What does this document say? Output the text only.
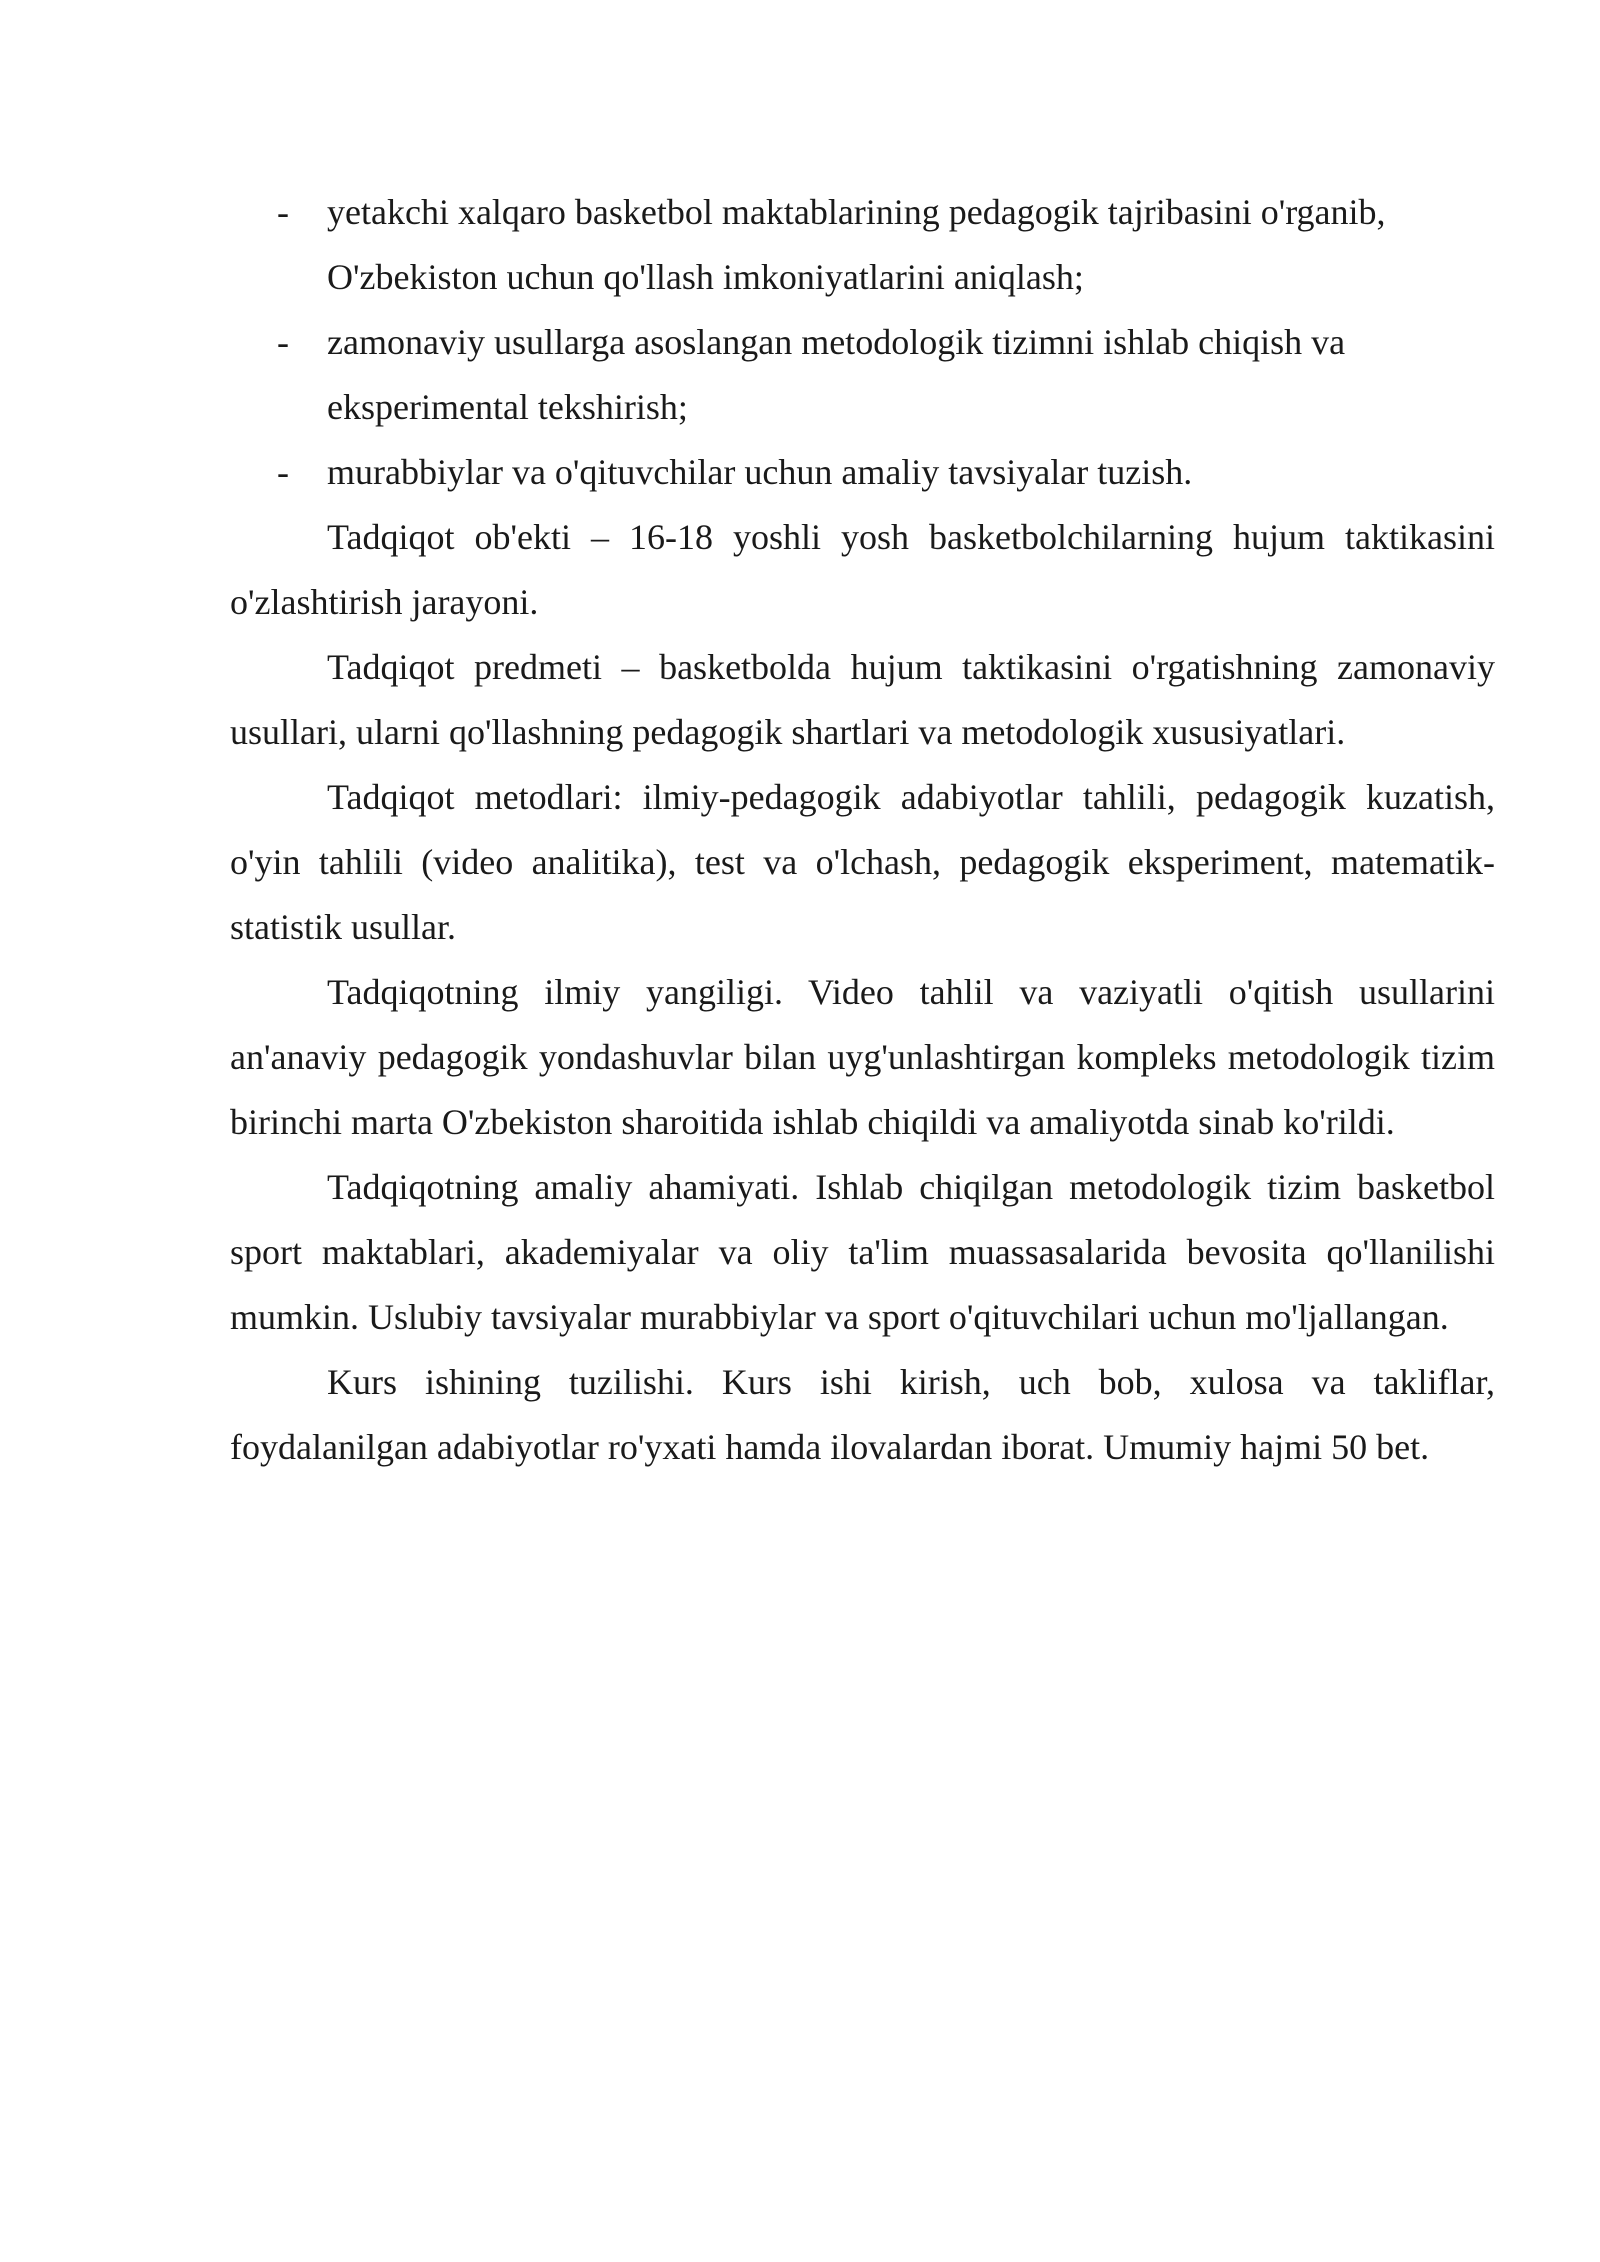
- yetakchi xalqaro basketbol maktablarining pedagogik tajribasini o'rganib, O'zbekiston uchun qo'llash imkoniyatlarini aniqlash;
- zamonaviy usullarga asoslangan metodologik tizimni ishlab chiqish va eksperimental tekshirish;
- murabbiylar va o'qituvchilar uchun amaliy tavsiyalar tuzish.

Tadqiqot ob'ekti – 16-18 yoshli yosh basketbolchilarning hujum taktikasini o'zlashtirish jarayoni.

Tadqiqot predmeti – basketbolda hujum taktikasini o'rgatishning zamonaviy usullari, ularni qo'llashning pedagogik shartlari va metodologik xususiyatlari.

Tadqiqot metodlari: ilmiy-pedagogik adabiyotlar tahlili, pedagogik kuzatish, o'yin tahlili (video analitika), test va o'lchash, pedagogik eksperiment, matematik-statistik usullar.

Tadqiqotning ilmiy yangiligi. Video tahlil va vaziyatli o'qitish usullarini an'anaviy pedagogik yondashuvlar bilan uyg'unlashtirgan kompleks metodologik tizim birinchi marta O'zbekiston sharoitida ishlab chiqildi va amaliyotda sinab ko'rildi.

Tadqiqotning amaliy ahamiyati. Ishlab chiqilgan metodologik tizim basketbol sport maktablari, akademiyalar va oliy ta'lim muassasalarida bevosita qo'llanilishi mumkin. Uslubiy tavsiyalar murabbiylar va sport o'qituvchilari uchun mo'ljallangan.

Kurs ishining tuzilishi. Kurs ishi kirish, uch bob, xulosa va takliflar, foydalanilgan adabiyotlar ro'yxati hamda ilovalardan iborat. Umumiy hajmi 50 bet.
